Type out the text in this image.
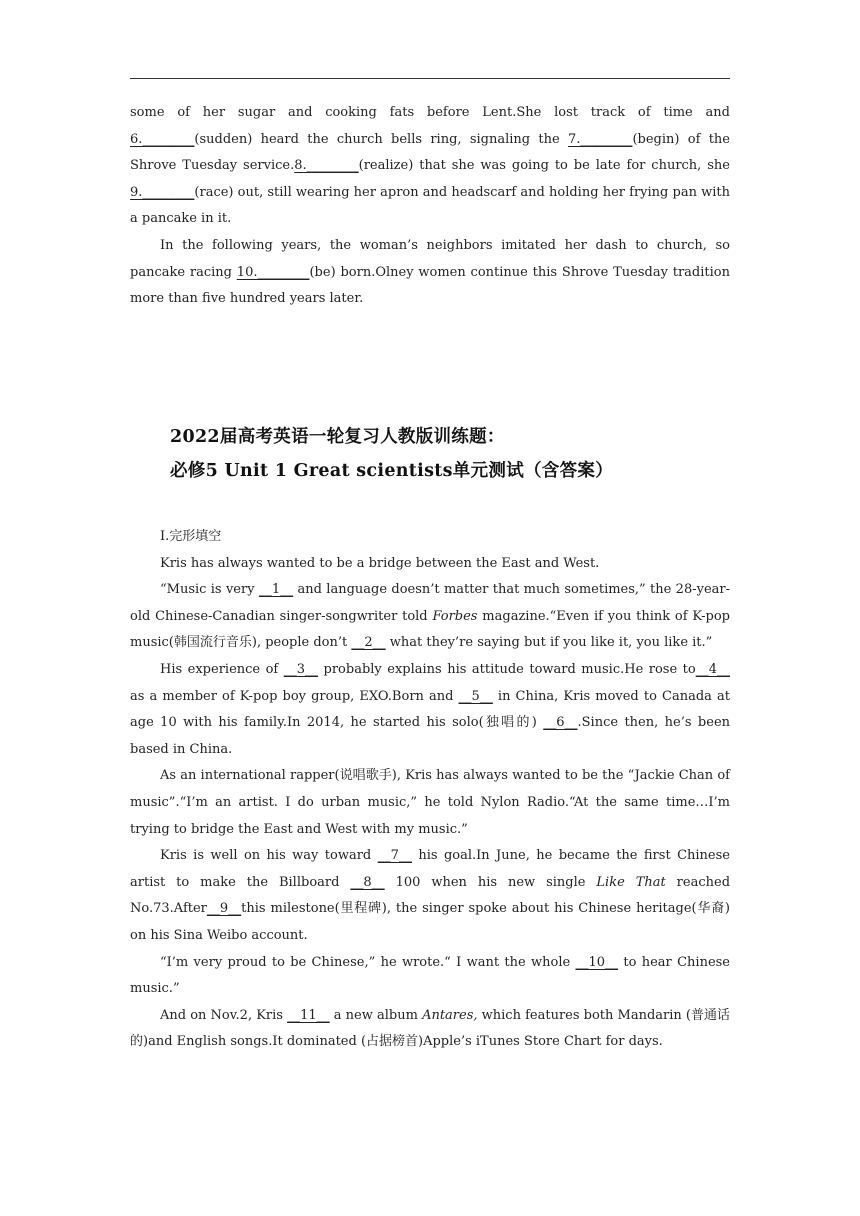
some of her sugar and cooking fats before Lent.She lost track of time and 6.________(sudden) heard the church bells ring, signaling the 7.________(begin) of the Shrove Tuesday service.8.________(realize) that she was going to be late for church, she 9.________(race) out, still wearing her apron and headscarf and holding her frying pan with a pancake in it.

In the following years, the woman’s neighbors imitated her dash to church, so pancake racing 10.________(be) born.Olney women continue this Shrove Tuesday tradition more than five hundred years later.

2022届高考英语一轮复习人教版训练题：
必修5 Unit 1 Great scientists单元测试（含答案）

Ⅰ.完形填空

Kris has always wanted to be a bridge between the East and West.

“Music is very __1__ and language doesn’t matter that much sometimes,” the 28-year-old Chinese-Canadian singer-songwriter told Forbes magazine.“Even if you think of K-pop music(韩国流行音乐), people don’t __2__ what they’re saying but if you like it, you like it.”

His experience of __3__ probably explains his attitude toward music.He rose to__4__ as a member of K-pop boy group, EXO.Born and __5__ in China, Kris moved to Canada at age 10 with his family.In 2014, he started his solo(独唱的) __6__.Since then, he’s been based in China.

As an international rapper(说唱歌手), Kris has always wanted to be the “Jackie Chan of music”.“I’m an artist. I do urban music,” he told Nylon Radio.“At the same time…I’m trying to bridge the East and West with my music.”

Kris is well on his way toward __7__ his goal.In June, he became the first Chinese artist to make the Billboard __8__ 100 when his new single Like That reached No.73.After__9__this milestone(里程碑), the singer spoke about his Chinese heritage(华裔) on his Sina Weibo account.

“I’m very proud to be Chinese,” he wrote.“ I want the whole __10__ to hear Chinese music.”

And on Nov.2, Kris __11__ a new album Antares, which features both Mandarin (普通话的)and English songs.It dominated (占据榜首)Apple’s iTunes Store Chart for days.
